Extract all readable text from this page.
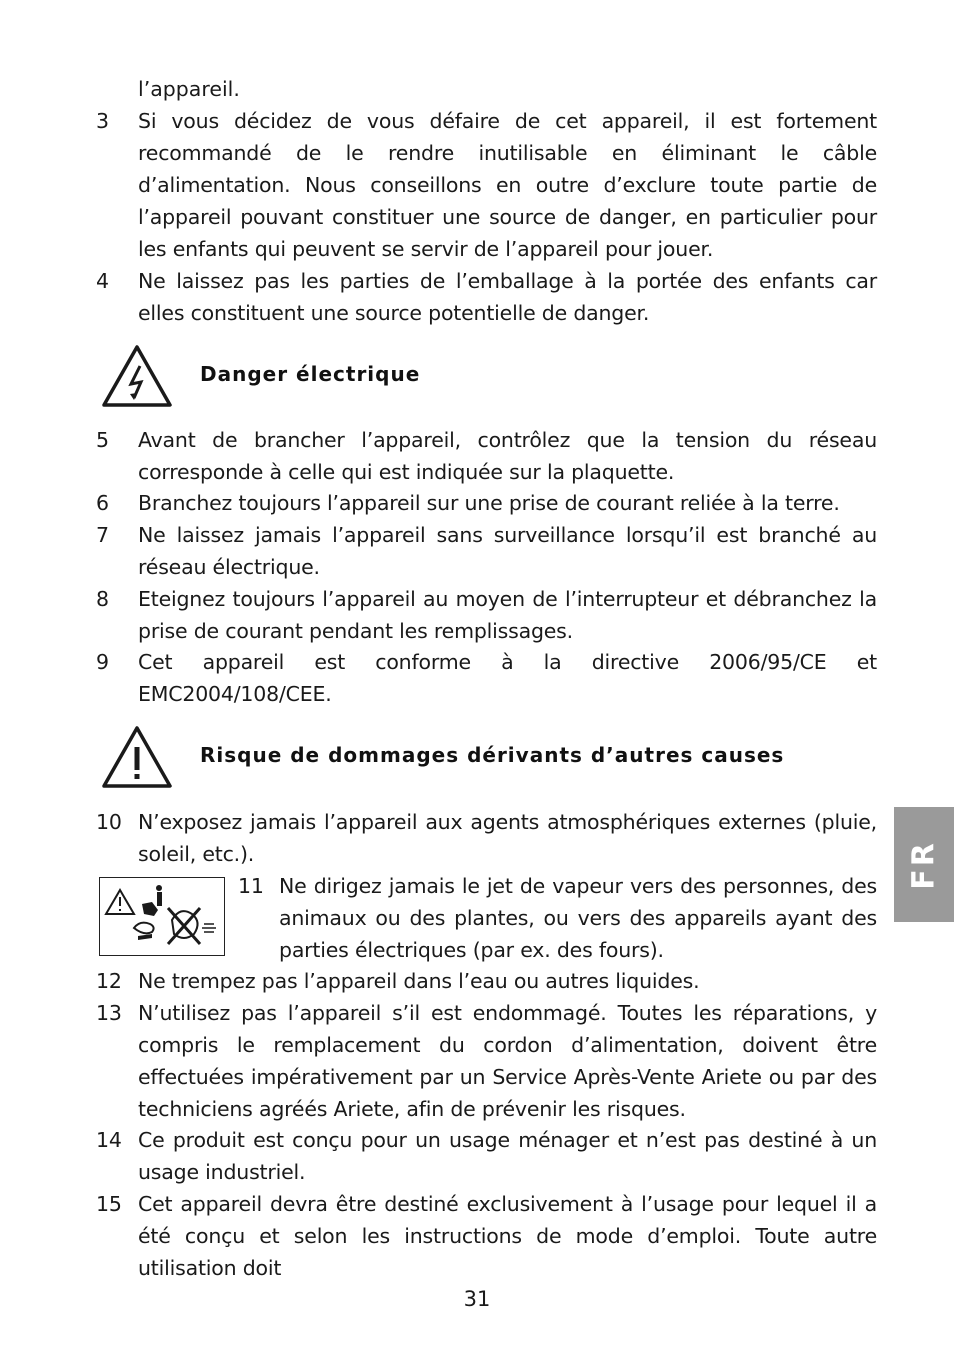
l’appareil.
3 Si vous décidez de vous défaire de cet appareil, il est fortement recommandé de le rendre inutilisable en éliminant le câble d’alimentation. Nous conseillons en outre d’exclure toute partie de l’appareil pouvant constituer une source de danger, en particulier pour les enfants qui peuvent se servir de l’appareil pour jouer.
4 Ne laissez pas les parties de l’emballage à la portée des enfants car elles constituent une source potentielle de danger.
Danger électrique
5 Avant de brancher l’appareil, contrôlez que la tension du réseau corresponde à celle qui est indiquée sur la plaquette.
6 Branchez toujours l’appareil sur une prise de courant reliée à la terre.
7 Ne laissez jamais l’appareil sans surveillance lorsqu’il est branché au réseau électrique.
8 Eteignez toujours l’appareil au moyen de l’interrupteur et débranchez la prise de courant pendant les remplissages.
9 Cet appareil est conforme à la directive 2006/95/CE et EMC2004/108/CEE.
Risque de dommages dérivants d’autres causes
10 N’exposez jamais l’appareil aux agents atmosphériques externes (pluie, soleil, etc.).
11 Ne dirigez jamais le jet de vapeur vers des personnes, des animaux ou des plantes, ou vers des appareils ayant des parties électriques (par ex. des fours).
12 Ne trempez pas l’appareil dans l’eau ou autres liquides.
13 N’utilisez pas l’appareil s’il est endommagé. Toutes les réparations, y compris le remplacement du cordon d’alimentation, doivent être effectuées impérativement par un Service Après-Vente Ariete ou par des techniciens agréés Ariete, afin de prévenir les risques.
14 Ce produit est conçu pour un usage ménager et n’est pas destiné à un usage industriel.
15 Cet appareil devra être destiné exclusivement à l’usage pour lequel il a été conçu et selon les instructions de mode d’emploi. Toute autre utilisation doit
FR
31
